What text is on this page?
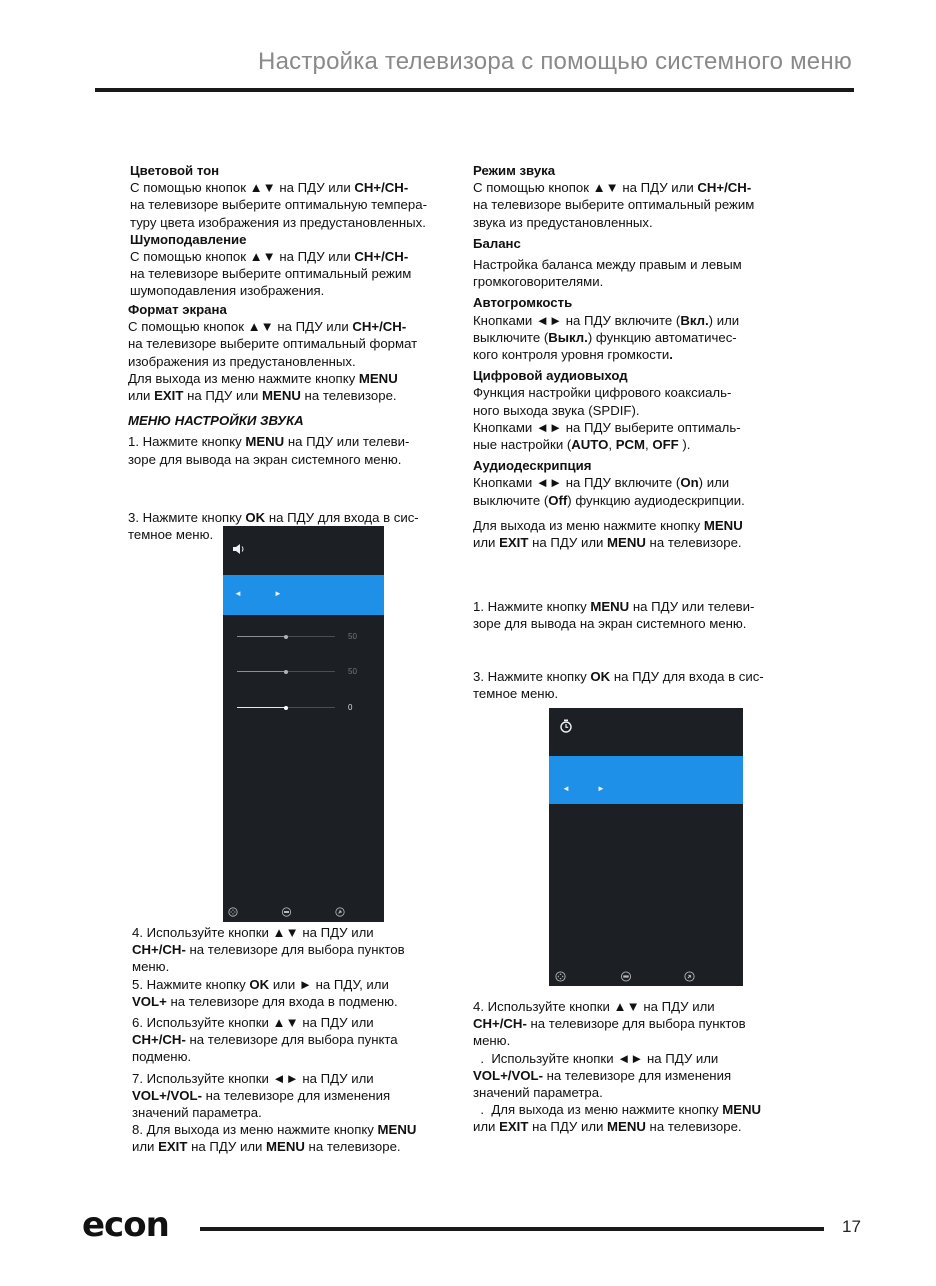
Настройка телевизора с помощью системного меню

Цветовой тон

С помощью кнопок ▲▼ на ПДУ или CH+/CH-

на телевизоре выберите оптимальную темпера-

туру цвета изображения из предустановленных.

Шумоподавление

С помощью кнопок ▲▼ на ПДУ или CH+/CH-

на телевизоре выберите оптимальный режим

шумоподавления изображения.

Формат экрана

С помощью кнопок ▲▼ на ПДУ или CH+/CH-

на телевизоре выберите оптимальный формат

изображения из предустановленных.

Для выхода из меню нажмите кнопку MENU

или EXIT на ПДУ или MENU на телевизоре.

МЕНЮ НАСТРОЙКИ ЗВУКА

1. Нажмите кнопку MENU на ПДУ или телеви-

зоре для вывода на экран системного меню.

3. Нажмите кнопку OK на ПДУ для входа в сис-

темное меню.

◄	►
50
50
0

4. Используйте кнопки ▲▼ на ПДУ или

CH+/CH- на телевизоре для выбора пунктов

меню.

5. Нажмите кнопку OK или ► на ПДУ, или

VOL+ на телевизоре для входа в подменю.

6. Используйте кнопки ▲▼ на ПДУ или

CH+/CH- на телевизоре для выбора пункта

подменю.

7. Используйте кнопки ◄► на ПДУ или

VOL+/VOL- на телевизоре для изменения

значений параметра.

8. Для выхода из меню нажмите кнопку MENU

или EXIT на ПДУ или MENU на телевизоре.

Режим звука

С помощью кнопок ▲▼ на ПДУ или CH+/CH-

на телевизоре выберите оптимальный режим

звука из предустановленных.

Баланс

Настройка баланса между правым и левым

громкоговорителями.

Автогромкость

Кнопками ◄► на ПДУ включите (Вкл.) или

выключите (Выкл.) функцию автоматичес-

кого контроля уровня громкости.

Цифровой аудиовыход

Функция настройки цифрового коаксиаль-

ного выхода звука (SPDIF).

Кнопками ◄► на ПДУ выберите оптималь-

ные настройки (AUTO, PCM, OFF ).

Аудиодескрипция

Кнопками ◄► на ПДУ включите (On) или

выключите (Off) функцию аудиодескрипции.

Для выхода из меню нажмите кнопку MENU

или EXIT на ПДУ или MENU на телевизоре.

1. Нажмите кнопку MENU на ПДУ или телеви-

зоре для вывода на экран системного меню.

3. Нажмите кнопку OK на ПДУ для входа в сис-

темное меню.

◄	►

4. Используйте кнопки ▲▼ на ПДУ или

CH+/CH- на телевизоре для выбора пунктов

меню.

.  Используйте кнопки ◄► на ПДУ или

VOL+/VOL- на телевизоре для изменения

значений параметра.

.  Для выхода из меню нажмите кнопку MENU

или EXIT на ПДУ или MENU на телевизоре.

econ	17
